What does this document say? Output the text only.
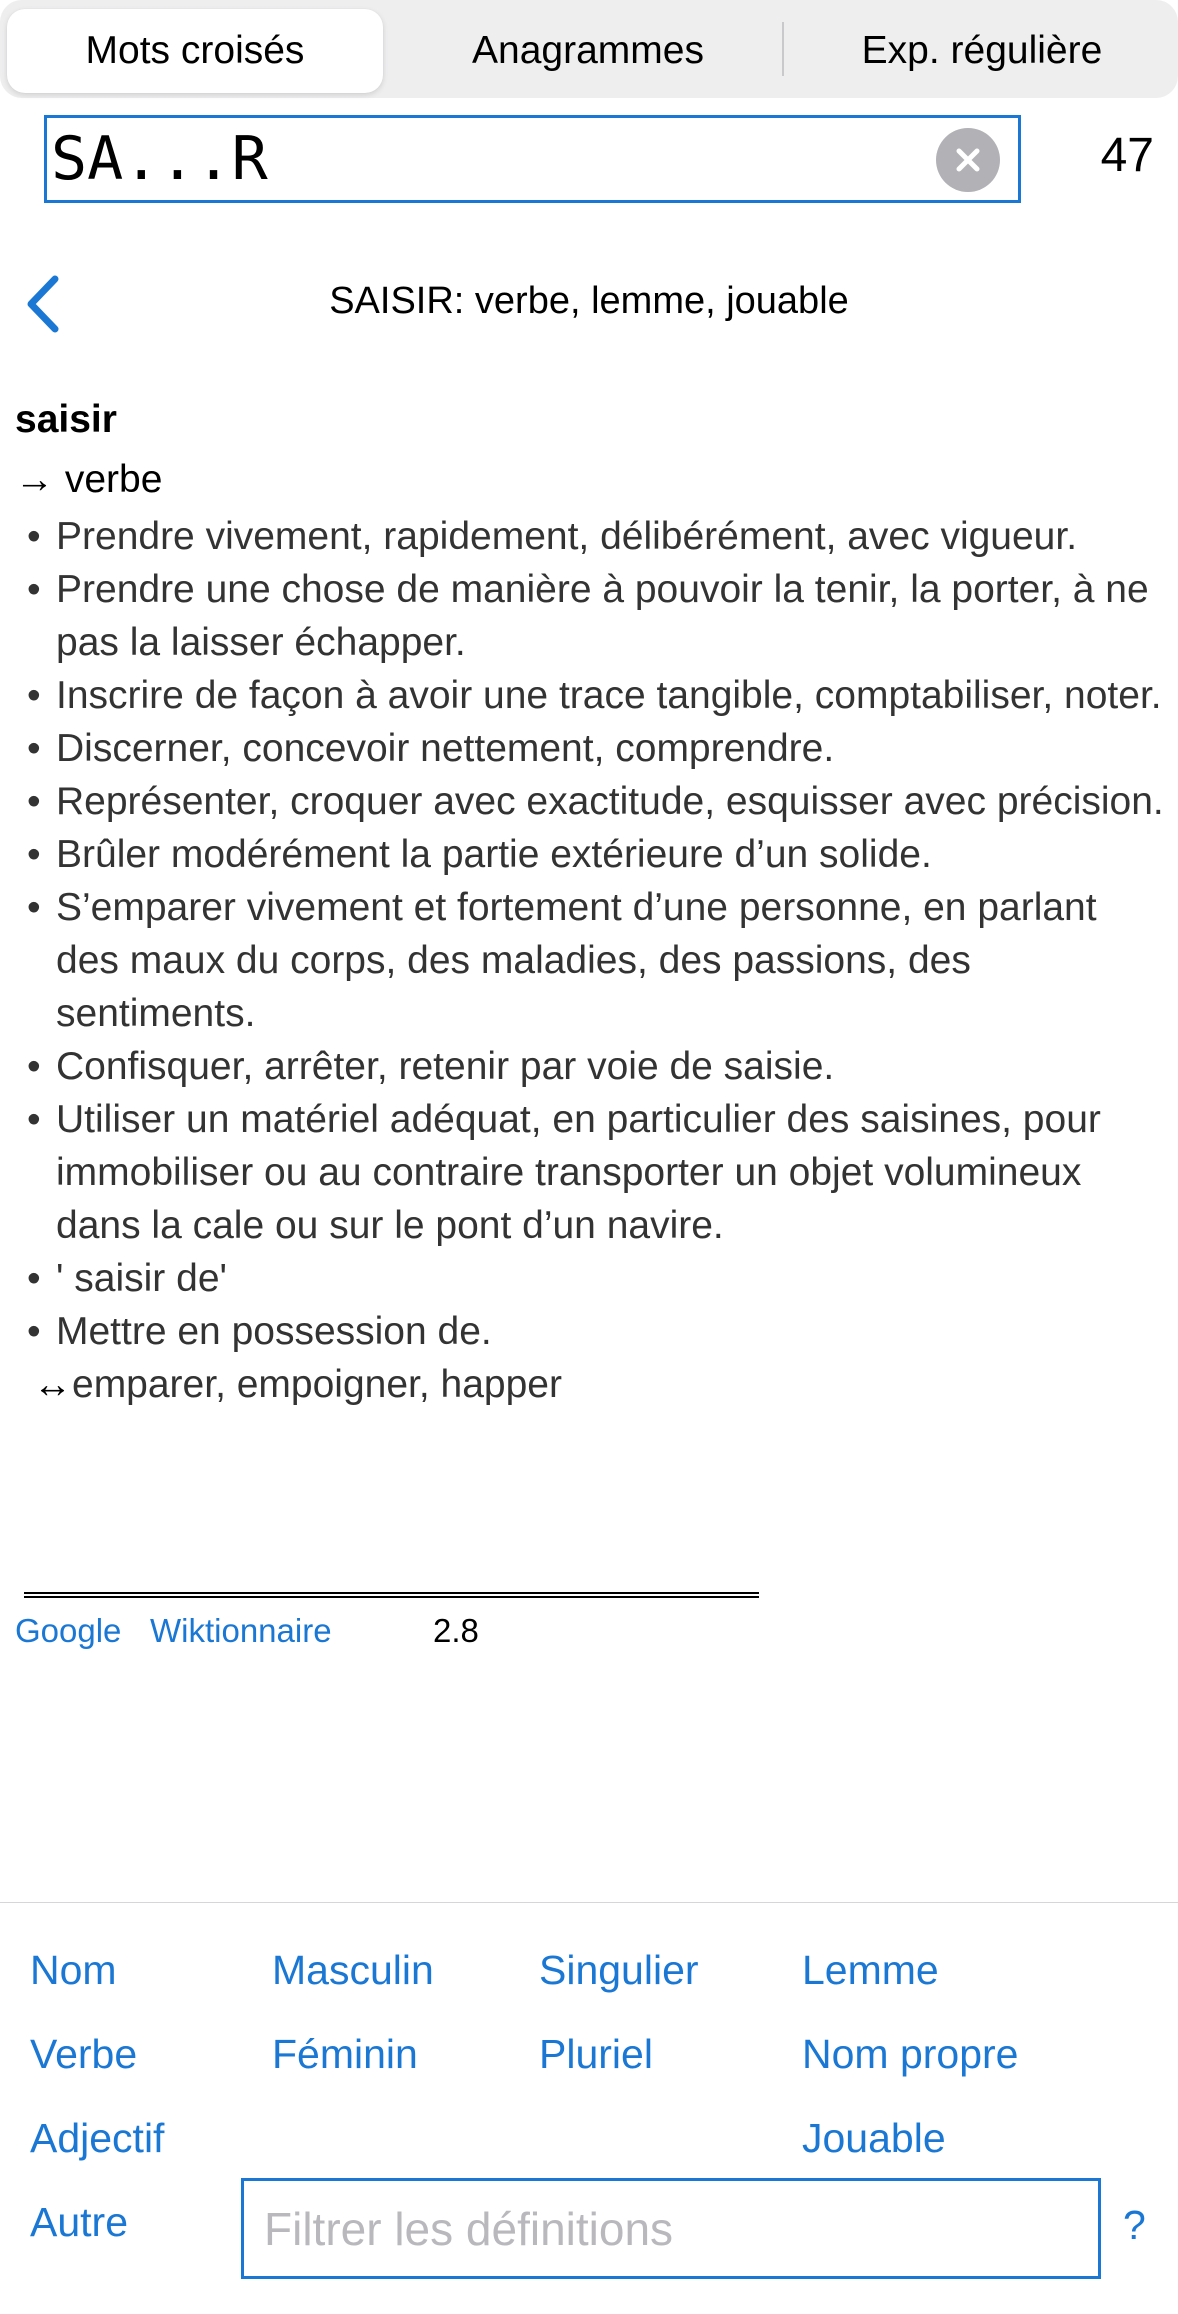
Mots croisés	Anagrammes	Exp. régulière
SA...R
47
SAISIR: verbe, lemme, jouable
saisir
→ verbe
• Prendre vivement, rapidement, délibérément, avec vigueur.
• Prendre une chose de manière à pouvoir la tenir, la porter, à ne pas la laisser échapper.
• Inscrire de façon à avoir une trace tangible, comptabiliser, noter.
• Discerner, concevoir nettement, comprendre.
• Représenter, croquer avec exactitude, esquisser avec précision.
• Brûler modérément la partie extérieure d’un solide.
• S’emparer vivement et fortement d’une personne, en parlant des maux du corps, des maladies, des passions, des sentiments.
• Confisquer, arrêter, retenir par voie de saisie.
• Utiliser un matériel adéquat, en particulier des saisines, pour immobiliser ou au contraire transporter un objet volumineux dans la cale ou sur le pont d’un navire.
• ' saisir de'
• Mettre en possession de.
↔emparer, empoigner, happer
Google Wiktionnaire	2.8
Nom
Verbe
Adjectif
Autre
Masculin
Féminin
Singulier
Pluriel
Lemme
Nom propre
Jouable
Filtrer les définitions
?
